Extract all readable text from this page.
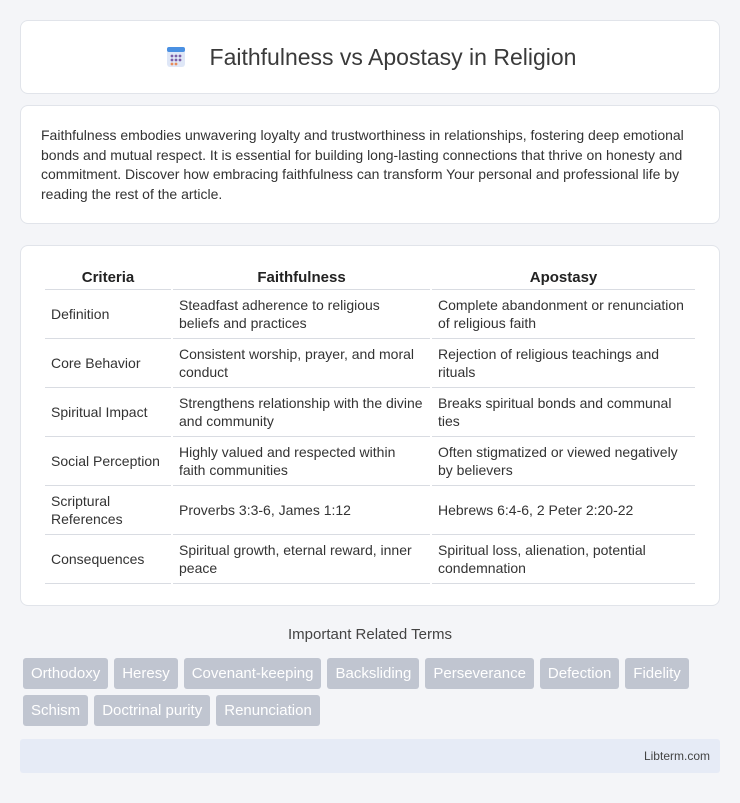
Faithfulness vs Apostasy in Religion

Faithfulness embodies unwavering loyalty and trustworthiness in relationships, fostering deep emotional bonds and mutual respect. It is essential for building long-lasting connections that thrive on honesty and commitment. Discover how embracing faithfulness can transform Your personal and professional life by reading the rest of the article.

Criteria	Faithfulness	Apostasy
Definition	Steadfast adherence to religious beliefs and practices	Complete abandonment or renunciation of religious faith
Core Behavior	Consistent worship, prayer, and moral conduct	Rejection of religious teachings and rituals
Spiritual Impact	Strengthens relationship with the divine and community	Breaks spiritual bonds and communal ties
Social Perception	Highly valued and respected within faith communities	Often stigmatized or viewed negatively by believers
Scriptural References	Proverbs 3:3-6, James 1:12	Hebrews 6:4-6, 2 Peter 2:20-22
Consequences	Spiritual growth, eternal reward, inner peace	Spiritual loss, alienation, potential condemnation
Important Related Terms
Orthodoxy	Heresy	Covenant-keeping	Backsliding	Perseverance	Defection	Fidelity
Schism	Doctrinal purity	Renunciation
Libterm.com
